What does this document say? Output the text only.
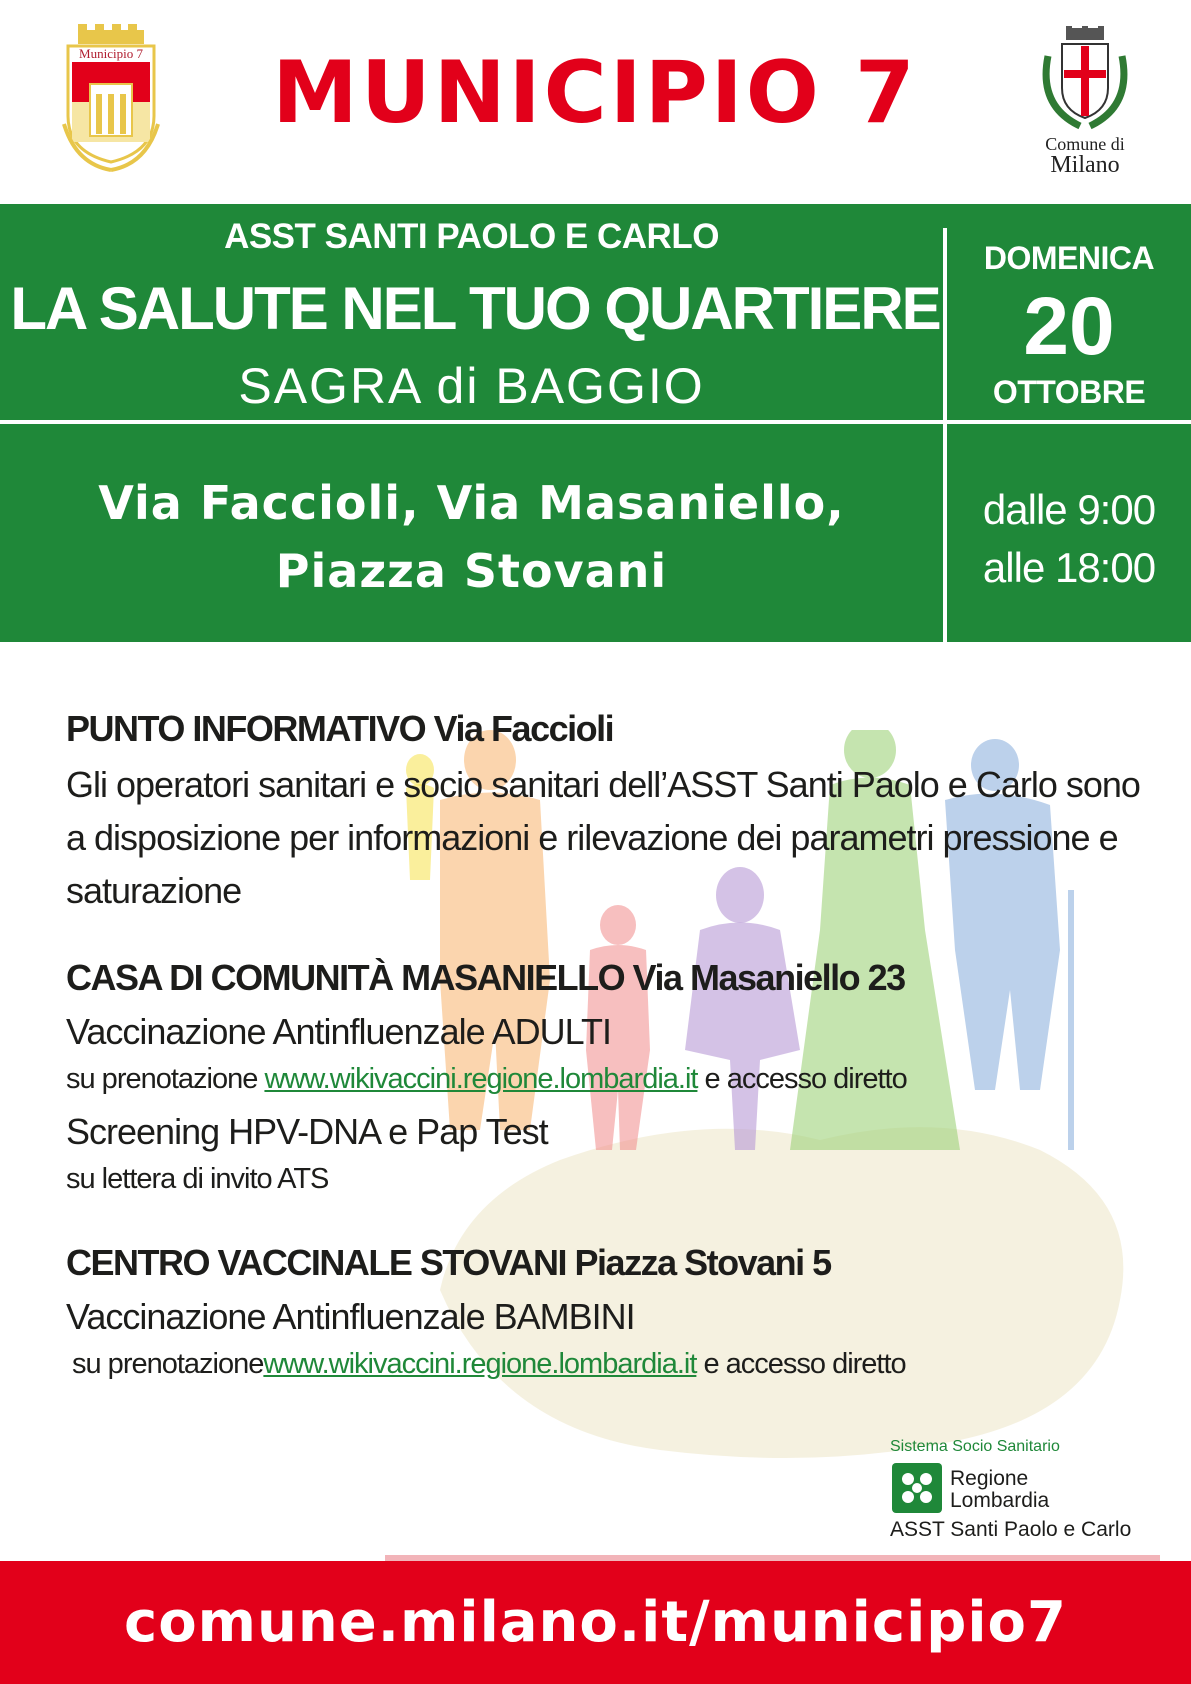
Municipio 7	MUNICIPIO 7
Comune di
Milano
ASST SANTI PAOLO E CARLO
LA SALUTE NEL TUO QUARTIERE
SAGRA di BAGGIO
DOMENICA
20
OTTOBRE
Via Faccioli, Via Masaniello,
Piazza Stovani
dalle 9:00
alle 18:00
PUNTO INFORMATIVO Via Faccioli
Gli operatori sanitari e socio sanitari dell’ASST Santi Paolo e Carlo sono a disposizione per informazioni e rilevazione dei parametri pressione e saturazione
CASA DI COMUNITÀ MASANIELLO Via Masaniello 23
Vaccinazione Antinfluenzale ADULTI
su prenotazione www.wikivaccini.regione.lombardia.it e accesso diretto
Screening HPV-DNA e Pap Test
su lettera di invito ATS
CENTRO VACCINALE STOVANI Piazza Stovani 5
Vaccinazione Antinfluenzale BAMBINI
su prenotazionewww.wikivaccini.regione.lombardia.it e accesso diretto
Sistema Socio Sanitario
Regione
Lombardia
ASST Santi Paolo e Carlo
comune.milano.it/municipio7
